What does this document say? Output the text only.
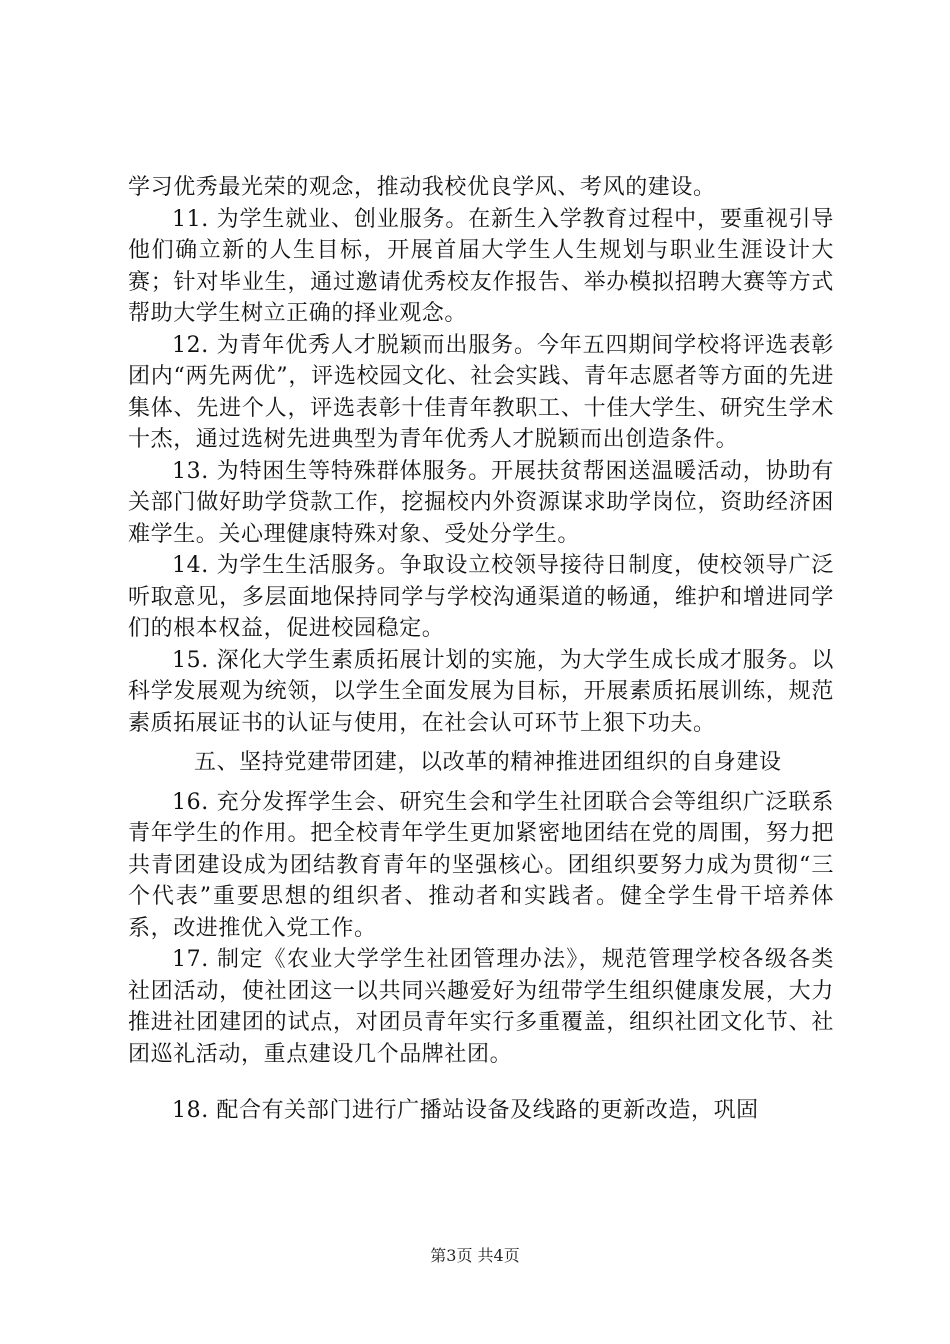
学习优秀最光荣的观念，推动我校优良学风、考风的建设。

11. 为学生就业、创业服务。在新生入学教育过程中，要重视引导他们确立新的人生目标，开展首届大学生人生规划与职业生涯设计大赛；针对毕业生，通过邀请优秀校友作报告、举办模拟招聘大赛等方式帮助大学生树立正确的择业观念。

12. 为青年优秀人才脱颖而出服务。今年五四期间学校将评选表彰团内“两先两优”，评选校园文化、社会实践、青年志愿者等方面的先进集体、先进个人，评选表彰十佳青年教职工、十佳大学生、研究生学术十杰，通过选树先进典型为青年优秀人才脱颖而出创造条件。

13. 为特困生等特殊群体服务。开展扶贫帮困送温暖活动，协助有关部门做好助学贷款工作，挖掘校内外资源谋求助学岗位，资助经济困难学生。关心理健康特殊对象、受处分学生。

14. 为学生生活服务。争取设立校领导接待日制度，使校领导广泛听取意见，多层面地保持同学与学校沟通渠道的畅通，维护和增进同学们的根本权益，促进校园稳定。

15. 深化大学生素质拓展计划的实施，为大学生成长成才服务。以科学发展观为统领，以学生全面发展为目标，开展素质拓展训练，规范素质拓展证书的认证与使用，在社会认可环节上狠下功夫。

五、坚持党建带团建，以改革的精神推进团组织的自身建设

16. 充分发挥学生会、研究生会和学生社团联合会等组织广泛联系青年学生的作用。把全校青年学生更加紧密地团结在党的周围，努力把共青团建设成为团结教育青年的坚强核心。团组织要努力成为贯彻“三个代表”重要思想的组织者、推动者和实践者。健全学生骨干培养体系，改进推优入党工作。

17. 制定《农业大学学生社团管理办法》，规范管理学校各级各类社团活动，使社团这一以共同兴趣爱好为纽带学生组织健康发展，大力推进社团建团的试点，对团员青年实行多重覆盖，组织社团文化节、社团巡礼活动，重点建设几个品牌社团。

18. 配合有关部门进行广播站设备及线路的更新改造，巩固

第3页 共4页
